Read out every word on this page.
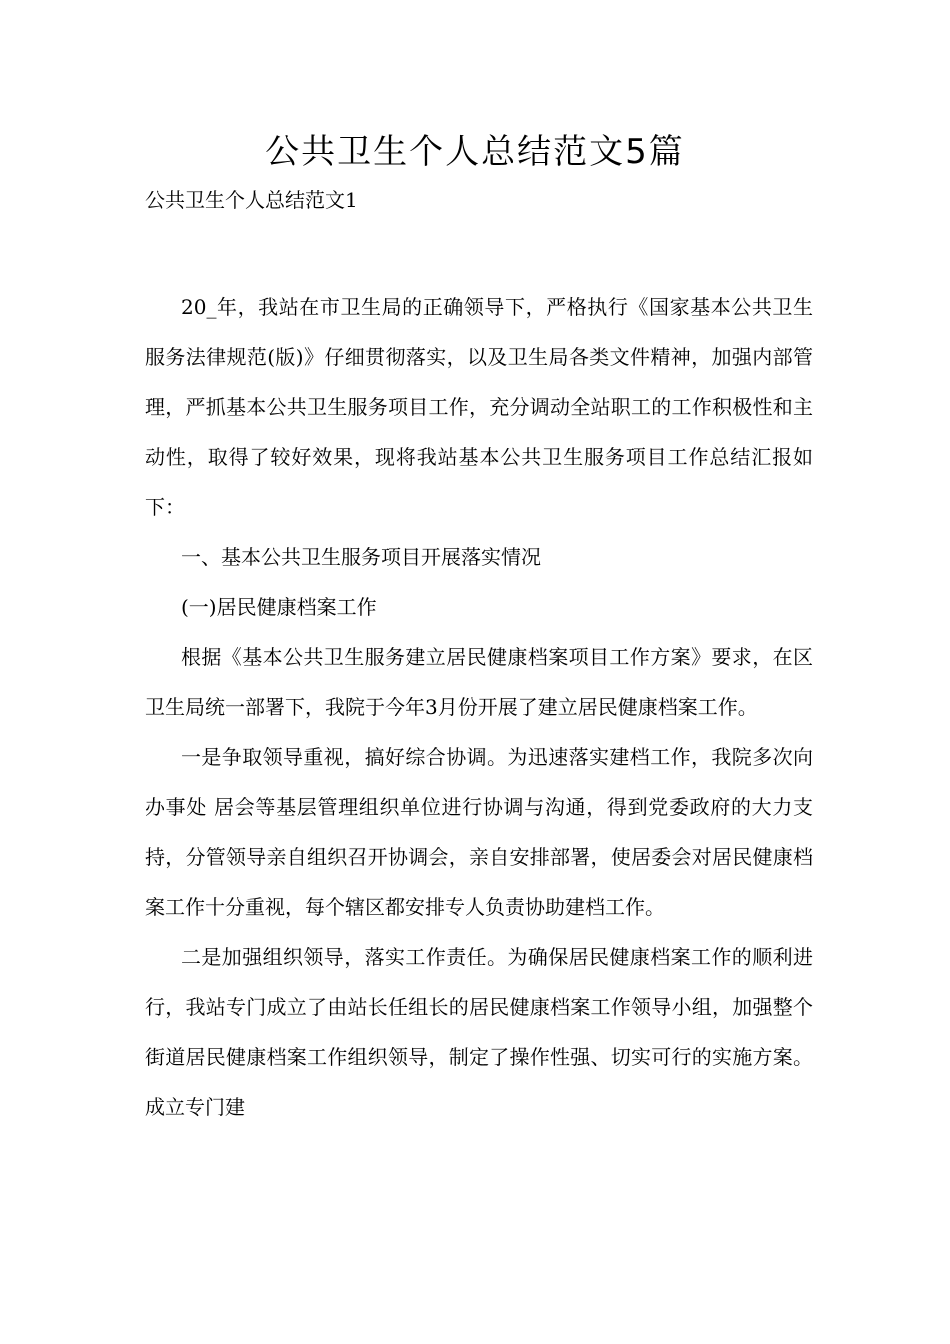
公共卫生个人总结范文5篇

公共卫生个人总结范文1

20_年，我站在市卫生局的正确领导下，严格执行《国家基本公共卫生服务法律规范(版)》仔细贯彻落实，以及卫生局各类文件精神，加强内部管理，严抓基本公共卫生服务项目工作，充分调动全站职工的工作积极性和主动性，取得了较好效果，现将我站基本公共卫生服务项目工作总结汇报如下：

一、基本公共卫生服务项目开展落实情况

(一)居民健康档案工作

根据《基本公共卫生服务建立居民健康档案项目工作方案》要求，在区卫生局统一部署下，我院于今年3月份开展了建立居民健康档案工作。

一是争取领导重视，搞好综合协调。为迅速落实建档工作，我院多次向办事处 居会等基层管理组织单位进行协调与沟通，得到党委政府的大力支持，分管领导亲自组织召开协调会，亲自安排部署，使居委会对居民健康档案工作十分重视，每个辖区都安排专人负责协助建档工作。

二是加强组织领导，落实工作责任。为确保居民健康档案工作的顺利进行，我站专门成立了由站长任组长的居民健康档案工作领导小组，加强整个街道居民健康档案工作组织领导，制定了操作性强、切实可行的实施方案。成立专门建
